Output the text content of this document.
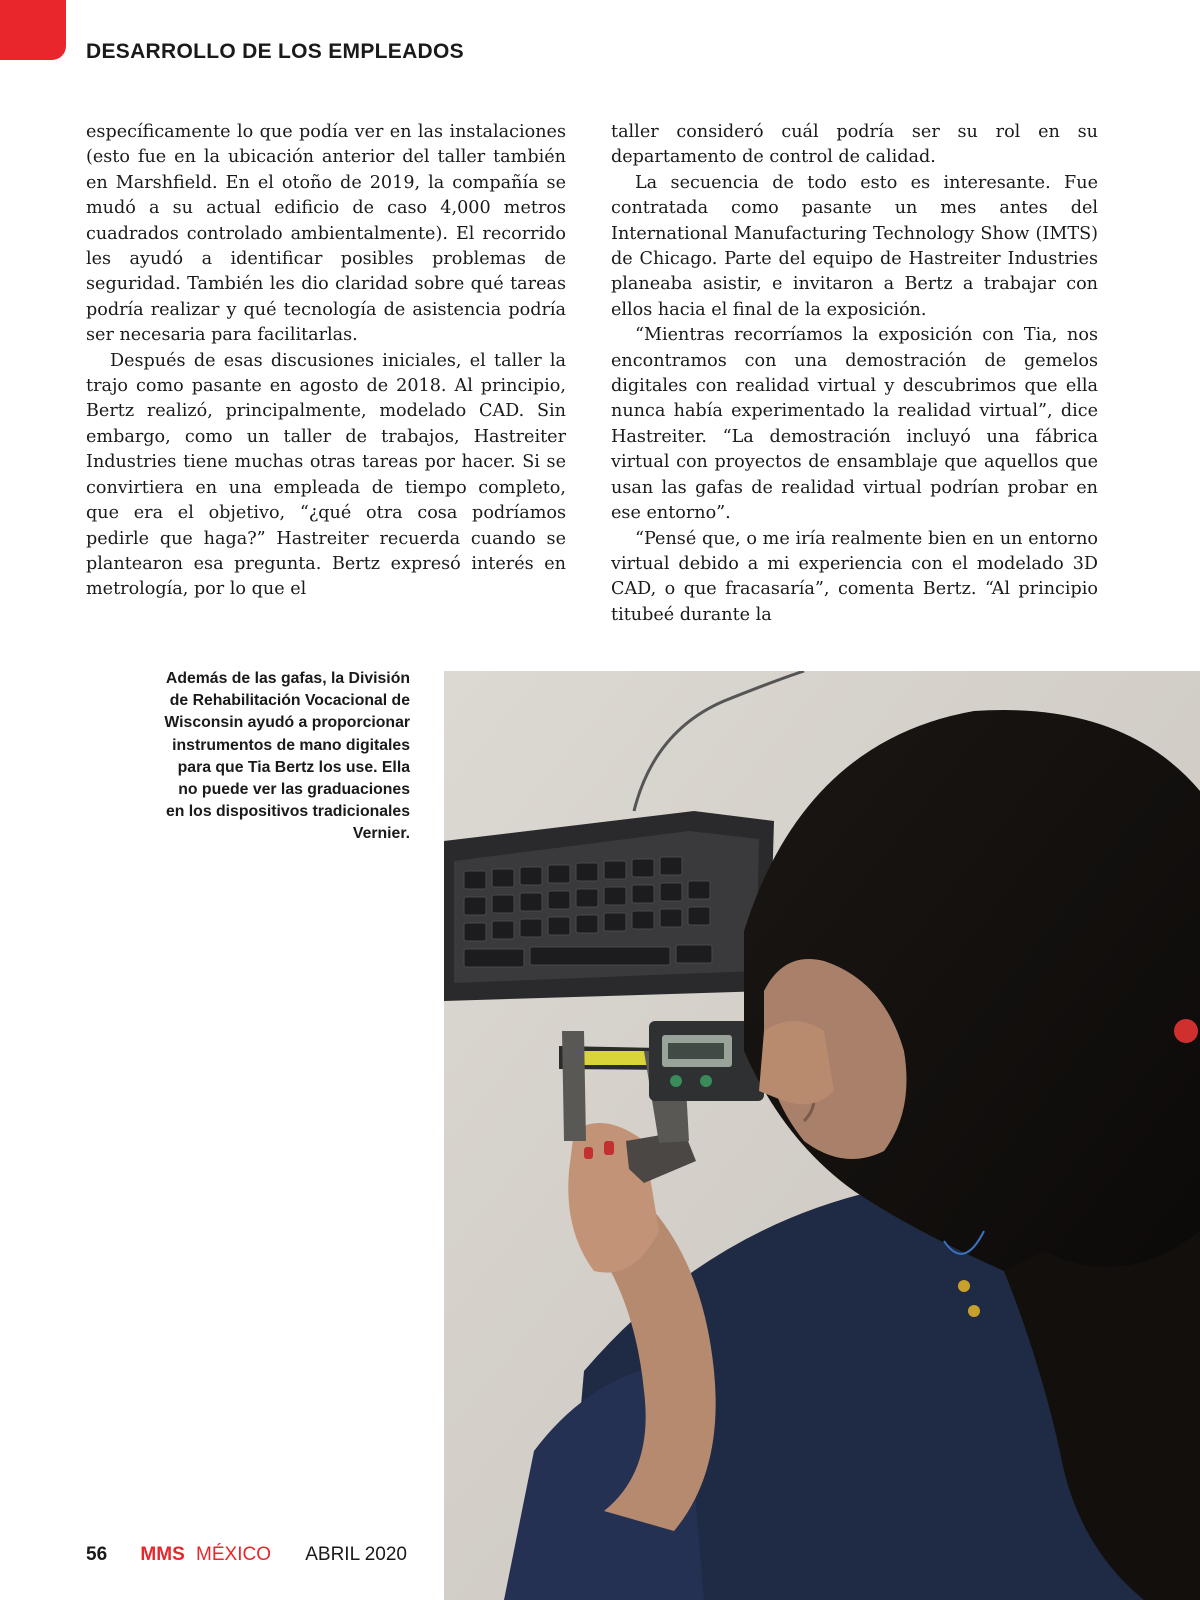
DESARROLLO DE LOS EMPLEADOS

específicamente lo que podía ver en las instalaciones (esto fue en la ubicación anterior del taller también en Marshfield. En el otoño de 2019, la compañía se mudó a su actual edificio de caso 4,000 metros cuadrados controlado ambientalmente). El recorrido les ayudó a identificar posibles problemas de seguridad. También les dio claridad sobre qué tareas podría realizar y qué tecnología de asistencia podría ser necesaria para facilitarlas.

Después de esas discusiones iniciales, el taller la trajo como pasante en agosto de 2018. Al principio, Bertz realizó, principalmente, modelado CAD. Sin embargo, como un taller de trabajos, Hastreiter Industries tiene muchas otras tareas por hacer. Si se convirtiera en una empleada de tiempo completo, que era el objetivo, “¿qué otra cosa podríamos pedirle que haga?” Hastreiter recuerda cuando se plantearon esa pregunta. Bertz expresó interés en metrología, por lo que el

taller consideró cuál podría ser su rol en su departamento de control de calidad.

La secuencia de todo esto es interesante. Fue contratada como pasante un mes antes del International Manufacturing Technology Show (IMTS) de Chicago. Parte del equipo de Hastreiter Industries planeaba asistir, e invitaron a Bertz a trabajar con ellos hacia el final de la exposición.

“Mientras recorríamos la exposición con Tia, nos encontramos con una demostración de gemelos digitales con realidad virtual y descubrimos que ella nunca había experimentado la realidad virtual”, dice Hastreiter. “La demostración incluyó una fábrica virtual con proyectos de ensamblaje que aquellos que usan las gafas de realidad virtual podrían probar en ese entorno”.

“Pensé que, o me iría realmente bien en un entorno virtual debido a mi experiencia con el modelado 3D CAD, o que fracasaría”, comenta Bertz. “Al principio titubeé durante la

Además de las gafas, la División de Rehabilitación Vocacional de Wisconsin ayudó a proporcionar instrumentos de mano digitales para que Tia Bertz los use. Ella no puede ver las graduaciones en los dispositivos tradicionales Vernier.
56 MMS MÉXICO ABRIL 2020
